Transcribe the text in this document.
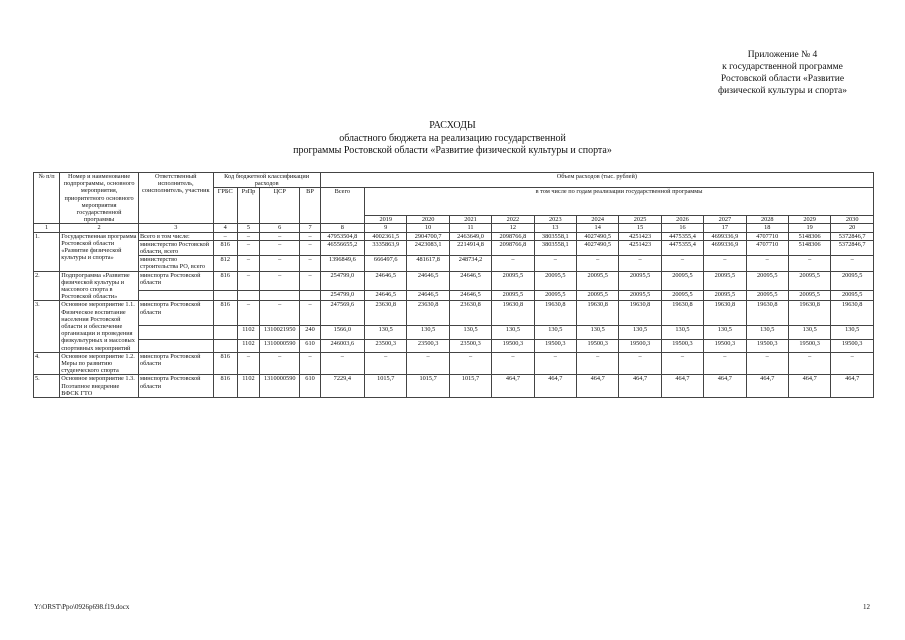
Приложение № 4
к государственной программе
Ростовской области «Развитие
физической культуры и спорта»
РАСХОДЫ
областного бюджета на реализацию государственной
программы Ростовской области «Развитие физической культуры и спорта»
№ п/п	Номер и наименование подпрограммы, основного мероприятия, приоритетного основного мероприятия государственной программы	Ответственный исполнитель, соисполнитель, участник	Код бюджетной классификации расходов				Объем расходов (тыс. рублей)												
			ГРБС	РзПр	ЦСР	ВР	Всего	в том числе по годам реализации государственной программы											
								2019	2020	2021	2022	2023	2024	2025	2026	2027	2028	2029	2030
1	2	3	4	5	6	7	8	9	10	11	12	13	14	15	16	17	18	19	20
1.	Государственная программа Ростовской области «Развитие физической культуры и спорта»	Всего в том числе:	–	–	–	–	47953504,8	4002361,5	2904700,7	2463649,0	2098766,8	3803558,1	4027490,5	4251423	4475355,4	4699336,9	4707710	5148306	5372846,7
		министерство Ростовской области, всего	816	–	–	–	46556655,2	3335863,9	2423083,1	2214914,8	2098766,8	3803558,1	4027490,5	4251423	4475355,4	4699336,9	4707710	5148306	5372846,7
		министерство строительства РО, всего	812	–	–	–	1396849,6	666497,6	481617,8	248734,2	–	–	–	–	–	–	–	–	–
2.	Подпрограмма «Развитие физической культуры и массового спорта в Ростовской области»	минспорта Ростовской области	816	–	–	–	254799,0	24646,5	24646,5	24646,5	20095,5	20095,5	20095,5	20095,5	20095,5	20095,5	20095,5	20095,5	20095,5
							254799,0	24646,5	24646,5	24646,5	20095,5	20095,5	20095,5	20095,5	20095,5	20095,5	20095,5	20095,5	20095,5
3.	Основное мероприятие 1.1. Физическое воспитание населения Ростовской области и обеспечение организации и проведения физкультурных и массовых спортивных мероприятий	минспорта Ростовской области	816	–	–	–	247569,6	23630,8	23630,8	23630,8	19630,8	19630,8	19630,8	19630,8	19630,8	19630,8	19630,8	19630,8	19630,8
				1102	1310021950	240	1566,0	130,5	130,5	130,5	130,5	130,5	130,5	130,5	130,5	130,5	130,5	130,5	130,5
				1102	1310000590	610	246003,6	23500,3	23500,3	23500,3	19500,3	19500,3	19500,3	19500,3	19500,3	19500,3	19500,3	19500,3	19500,3
4.	Основное мероприятие 1.2. Меры по развитию студенческого спорта	минспорта Ростовской области	816	–	–	–	–	–	–	–	–	–	–	–	–	–	–	–	–
5.	Основное мероприятие 1.3. Поэтапное внедрение ВФСК ГТО	минспорта Ростовской области	816	1102	1310000590	610	7229,4	1015,7	1015,7	1015,7	464,7	464,7	464,7	464,7	464,7	464,7	464,7	464,7	464,7
Y:\ORST\Ppo\0926p698.f19.docx	12
